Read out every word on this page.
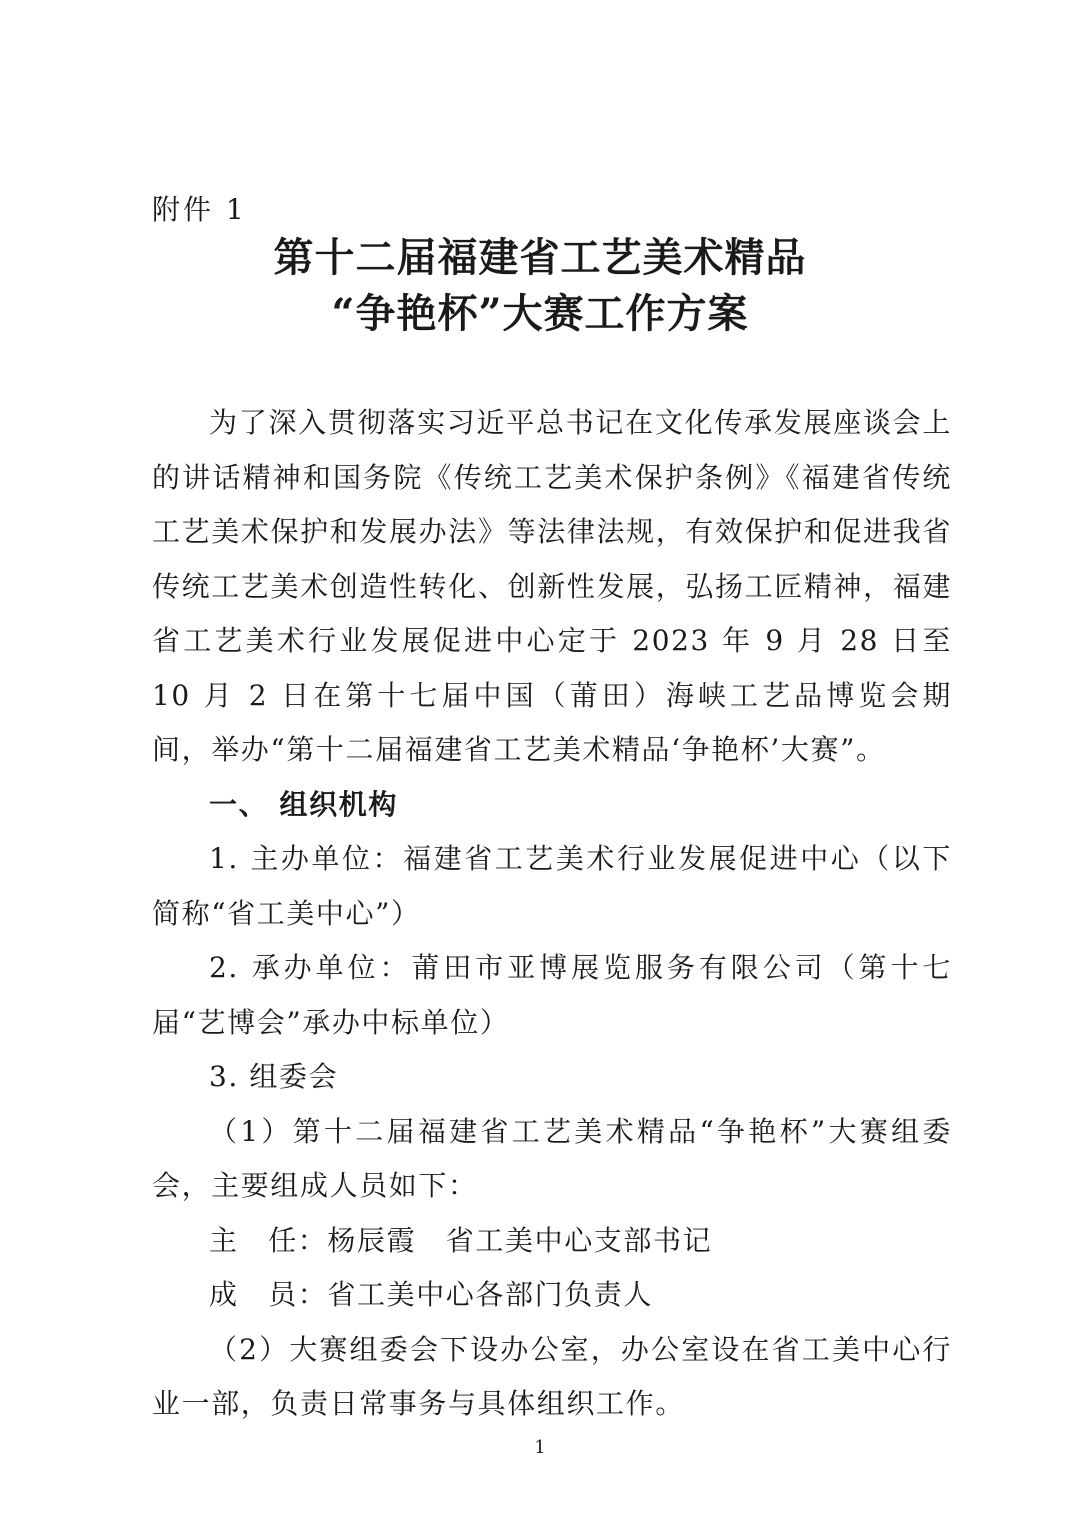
附件 1
第十二届福建省工艺美术精品
“争艳杯”大赛工作方案

为了深入贯彻落实习近平总书记在文化传承发展座谈会上的讲话精神和国务院《传统工艺美术保护条例》《福建省传统工艺美术保护和发展办法》等法律法规，有效保护和促进我省传统工艺美术创造性转化、创新性发展，弘扬工匠精神，福建省工艺美术行业发展促进中心定于 2023 年 9 月 28 日至 10 月 2 日在第十七届中国（莆田）海峡工艺品博览会期间，举办“第十二届福建省工艺美术精品‘争艳杯’大赛”。

一、 组织机构

1. 主办单位：福建省工艺美术行业发展促进中心（以下简称“省工美中心”）

2. 承办单位：莆田市亚博展览服务有限公司（第十七届“艺博会”承办中标单位）

3. 组委会

（1）第十二届福建省工艺美术精品“争艳杯”大赛组委会，主要组成人员如下：

主　任：杨辰霞　省工美中心支部书记

成　员：省工美中心各部门负责人

（2）大赛组委会下设办公室，办公室设在省工美中心行业一部，负责日常事务与具体组织工作。

1
